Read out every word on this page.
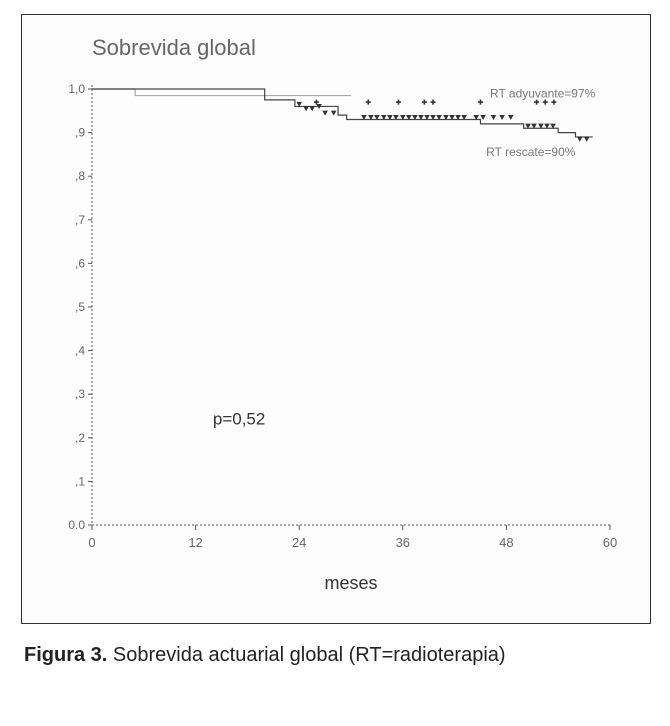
Sobrevida global
0.0
,1
,2
,3
,4
,5
,6
,7
,8
,9
1,0
0	12	24	36	48	60
RT adyuvante=97%
RT rescate=90%
p=0,52
meses
Figura 3. Sobrevida actuarial global (RT=radioterapia)
